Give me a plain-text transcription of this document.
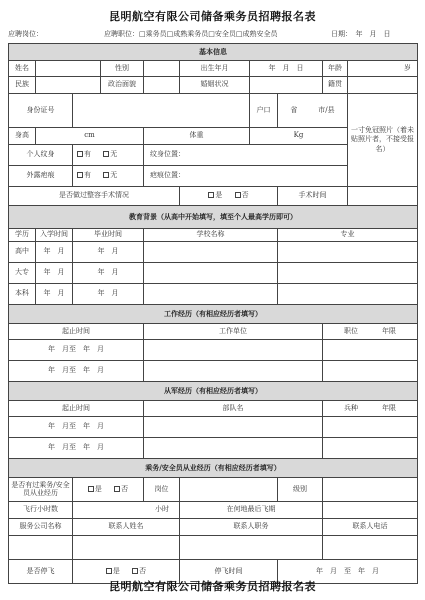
昆明航空有限公司储备乘务员招聘报名表
应聘岗位：	应聘职位：□乘务员□成熟乘务员□安全员□成熟安全员	日期：　年　月　日
基本信息									
姓名			性别		出生年月	年　月　日		年龄	岁
民族			政治面貌		婚姻状况			籍贯	
身份证号						户口	省　　　市/县		一寸免冠照片（着未贴照片者，不接受报名）
身高	cm			体重		Kg			
个人纹身		有 无		纹身位置：					
外露疤痕		有 无		疤痕位置：					
是否做过整容手术情况					是 否		手术时间		
教育背景（从高中开始填写，填至个人最高学历即可）									
学历	入学时间	毕业时间		学校名称			专业		
高中	年　月	年　月							
大专	年　月	年　月							
本科	年　月	年　月							
工作经历（有相应经历者填写）									
起止时间				工作单位				职位 年限	
年　月至　年　月									
年　月至　年　月									
从军经历（有相应经历者填写）									
起止时间				部队名				兵种 年限	
年　月至　年　月									
年　月至　年　月									
乘务/安全员从业经历（有相应经历者填写）									
是否有过乘务/安全员从业经历		是 否		岗位			级别		
飞行小时数		小时			在何地最后飞期				
服务公司名称		联系人姓名			联系人职务			联系人电话	

是否停飞		是 否			停飞时间		年　月　至　年　月		
昆明航空有限公司储备乘务员招聘报名表
